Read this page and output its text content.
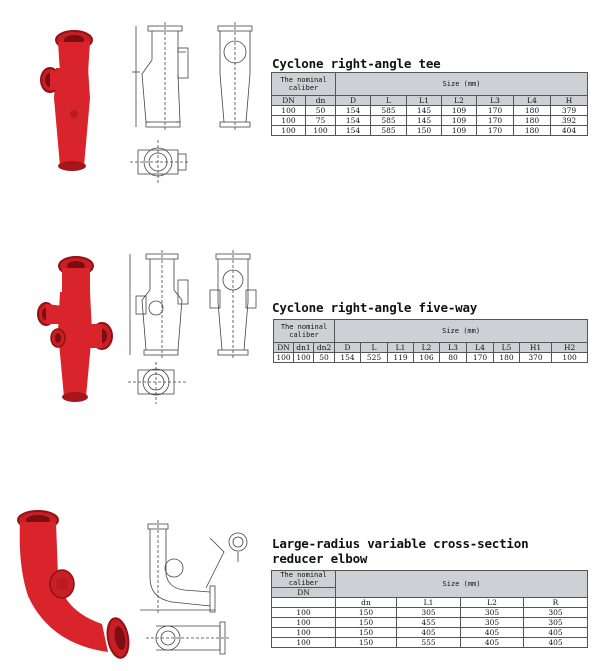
Cyclone right-angle tee
The nominal caliber		Size (mm)						
DN	dn	D	L	L1	L2	L3	L4	H
100	50	154	585	145	109	170	180	379
100	75	154	585	145	109	170	180	392
100	100	154	585	150	109	170	180	404
Cyclone right-angle five-way
The nominal caliber			Size (mm)								
DN	dn1	dn2	D	L	L1	L2	L3	L4	L5	H1	H2
100	100	50	154	525	119	106	80	170	180	370	100
Large-radius variable cross-section reducer elbow
The nominal caliber	Size (mm)			
DN				
	dn	L1	L2	R
100	150	305	305	305
100	150	455	305	305
100	150	405	405	405
100	150	555	405	405
